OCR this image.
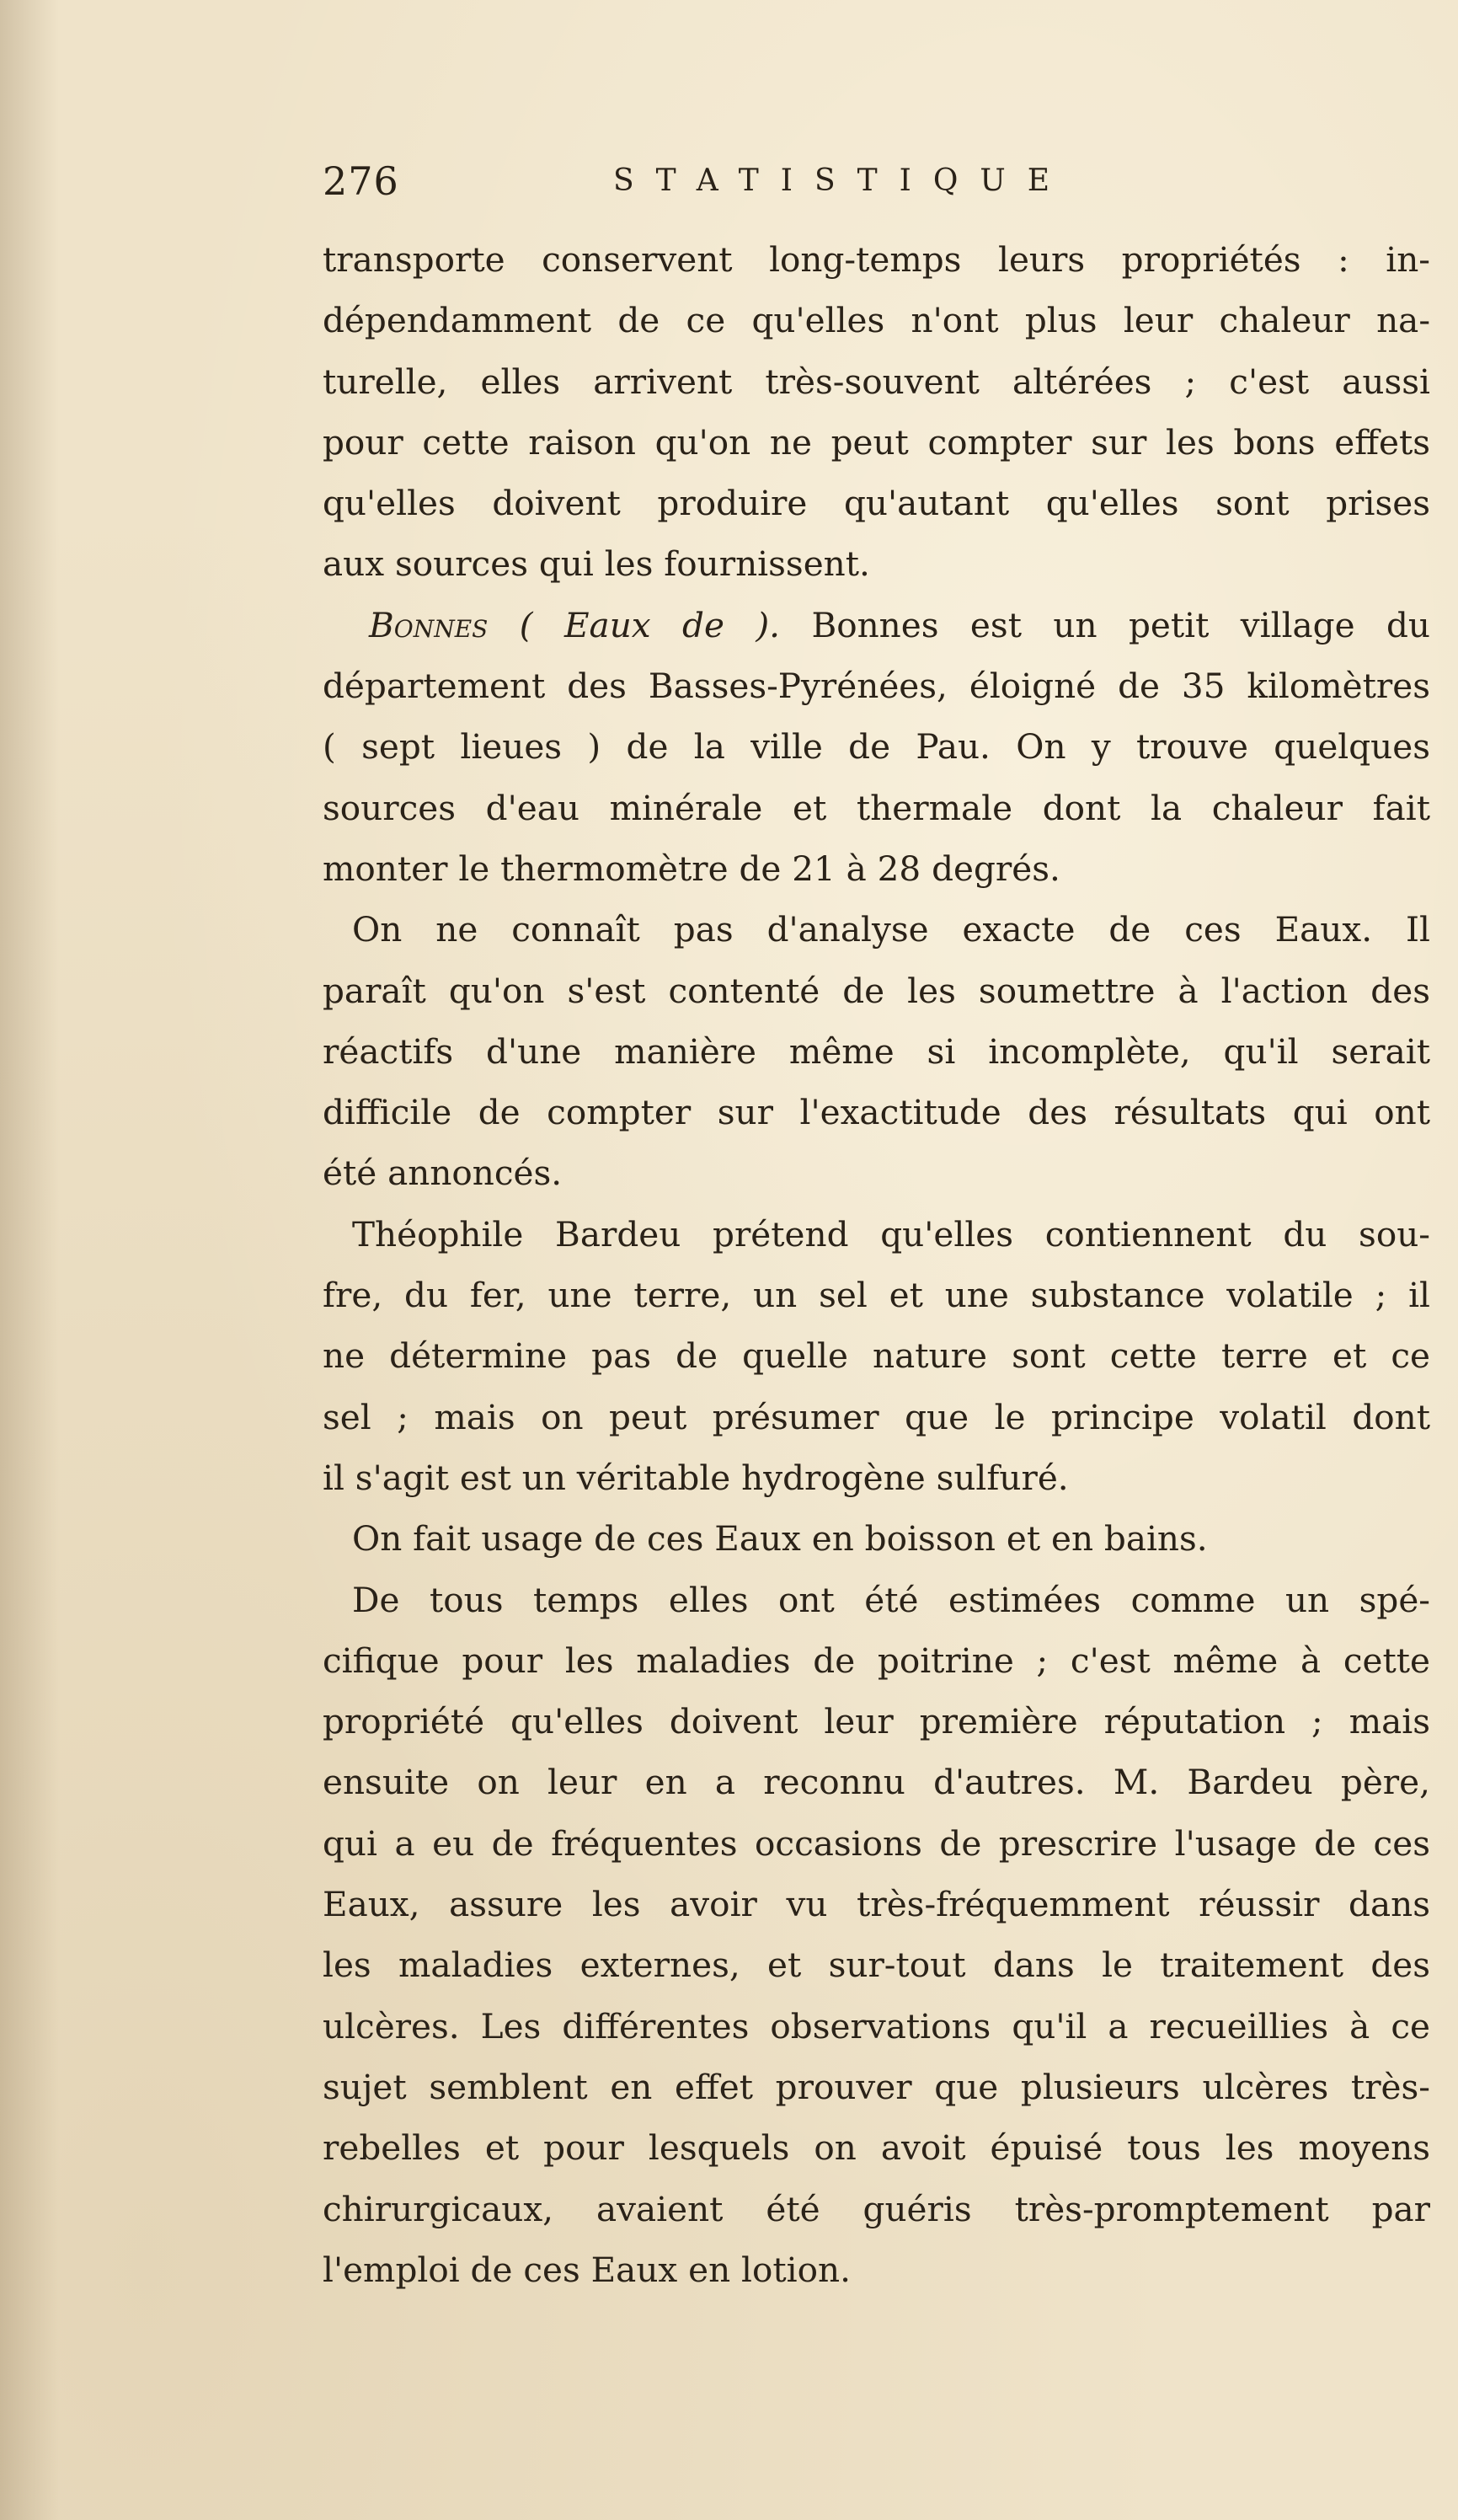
276	STATISTIQUE
transporte conservent long-temps leurs propriétés : in-
dépendamment de ce qu'elles n'ont plus leur chaleur na-
turelle, elles arrivent très-souvent altérées ; c'est aussi
pour cette raison qu'on ne peut compter sur les bons effets
qu'elles doivent produire qu'autant qu'elles sont prises
aux sources qui les fournissent.
Bonnes ( Eaux de ). Bonnes est un petit village du
département des Basses-Pyrénées, éloigné de 35 kilomètres
( sept lieues ) de la ville de Pau. On y trouve quelques
sources d'eau minérale et thermale dont la chaleur fait
monter le thermomètre de 21 à 28 degrés.
On ne connaît pas d'analyse exacte de ces Eaux. Il
paraît qu'on s'est contenté de les soumettre à l'action des
réactifs d'une manière même si incomplète, qu'il serait
difficile de compter sur l'exactitude des résultats qui ont
été annoncés.
Théophile Bardeu prétend qu'elles contiennent du sou-
fre, du fer, une terre, un sel et une substance volatile ; il
ne détermine pas de quelle nature sont cette terre et ce
sel ; mais on peut présumer que le principe volatil dont
il s'agit est un véritable hydrogène sulfuré.
On fait usage de ces Eaux en boisson et en bains.
De tous temps elles ont été estimées comme un spé-
cifique pour les maladies de poitrine ; c'est même à cette
propriété qu'elles doivent leur première réputation ; mais
ensuite on leur en a reconnu d'autres. M. Bardeu père,
qui a eu de fréquentes occasions de prescrire l'usage de ces
Eaux, assure les avoir vu très-fréquemment réussir dans
les maladies externes, et sur-tout dans le traitement des
ulcères. Les différentes observations qu'il a recueillies à ce
sujet semblent en effet prouver que plusieurs ulcères très-
rebelles et pour lesquels on avoit épuisé tous les moyens
chirurgicaux, avaient été guéris très-promptement par
l'emploi de ces Eaux en lotion.
